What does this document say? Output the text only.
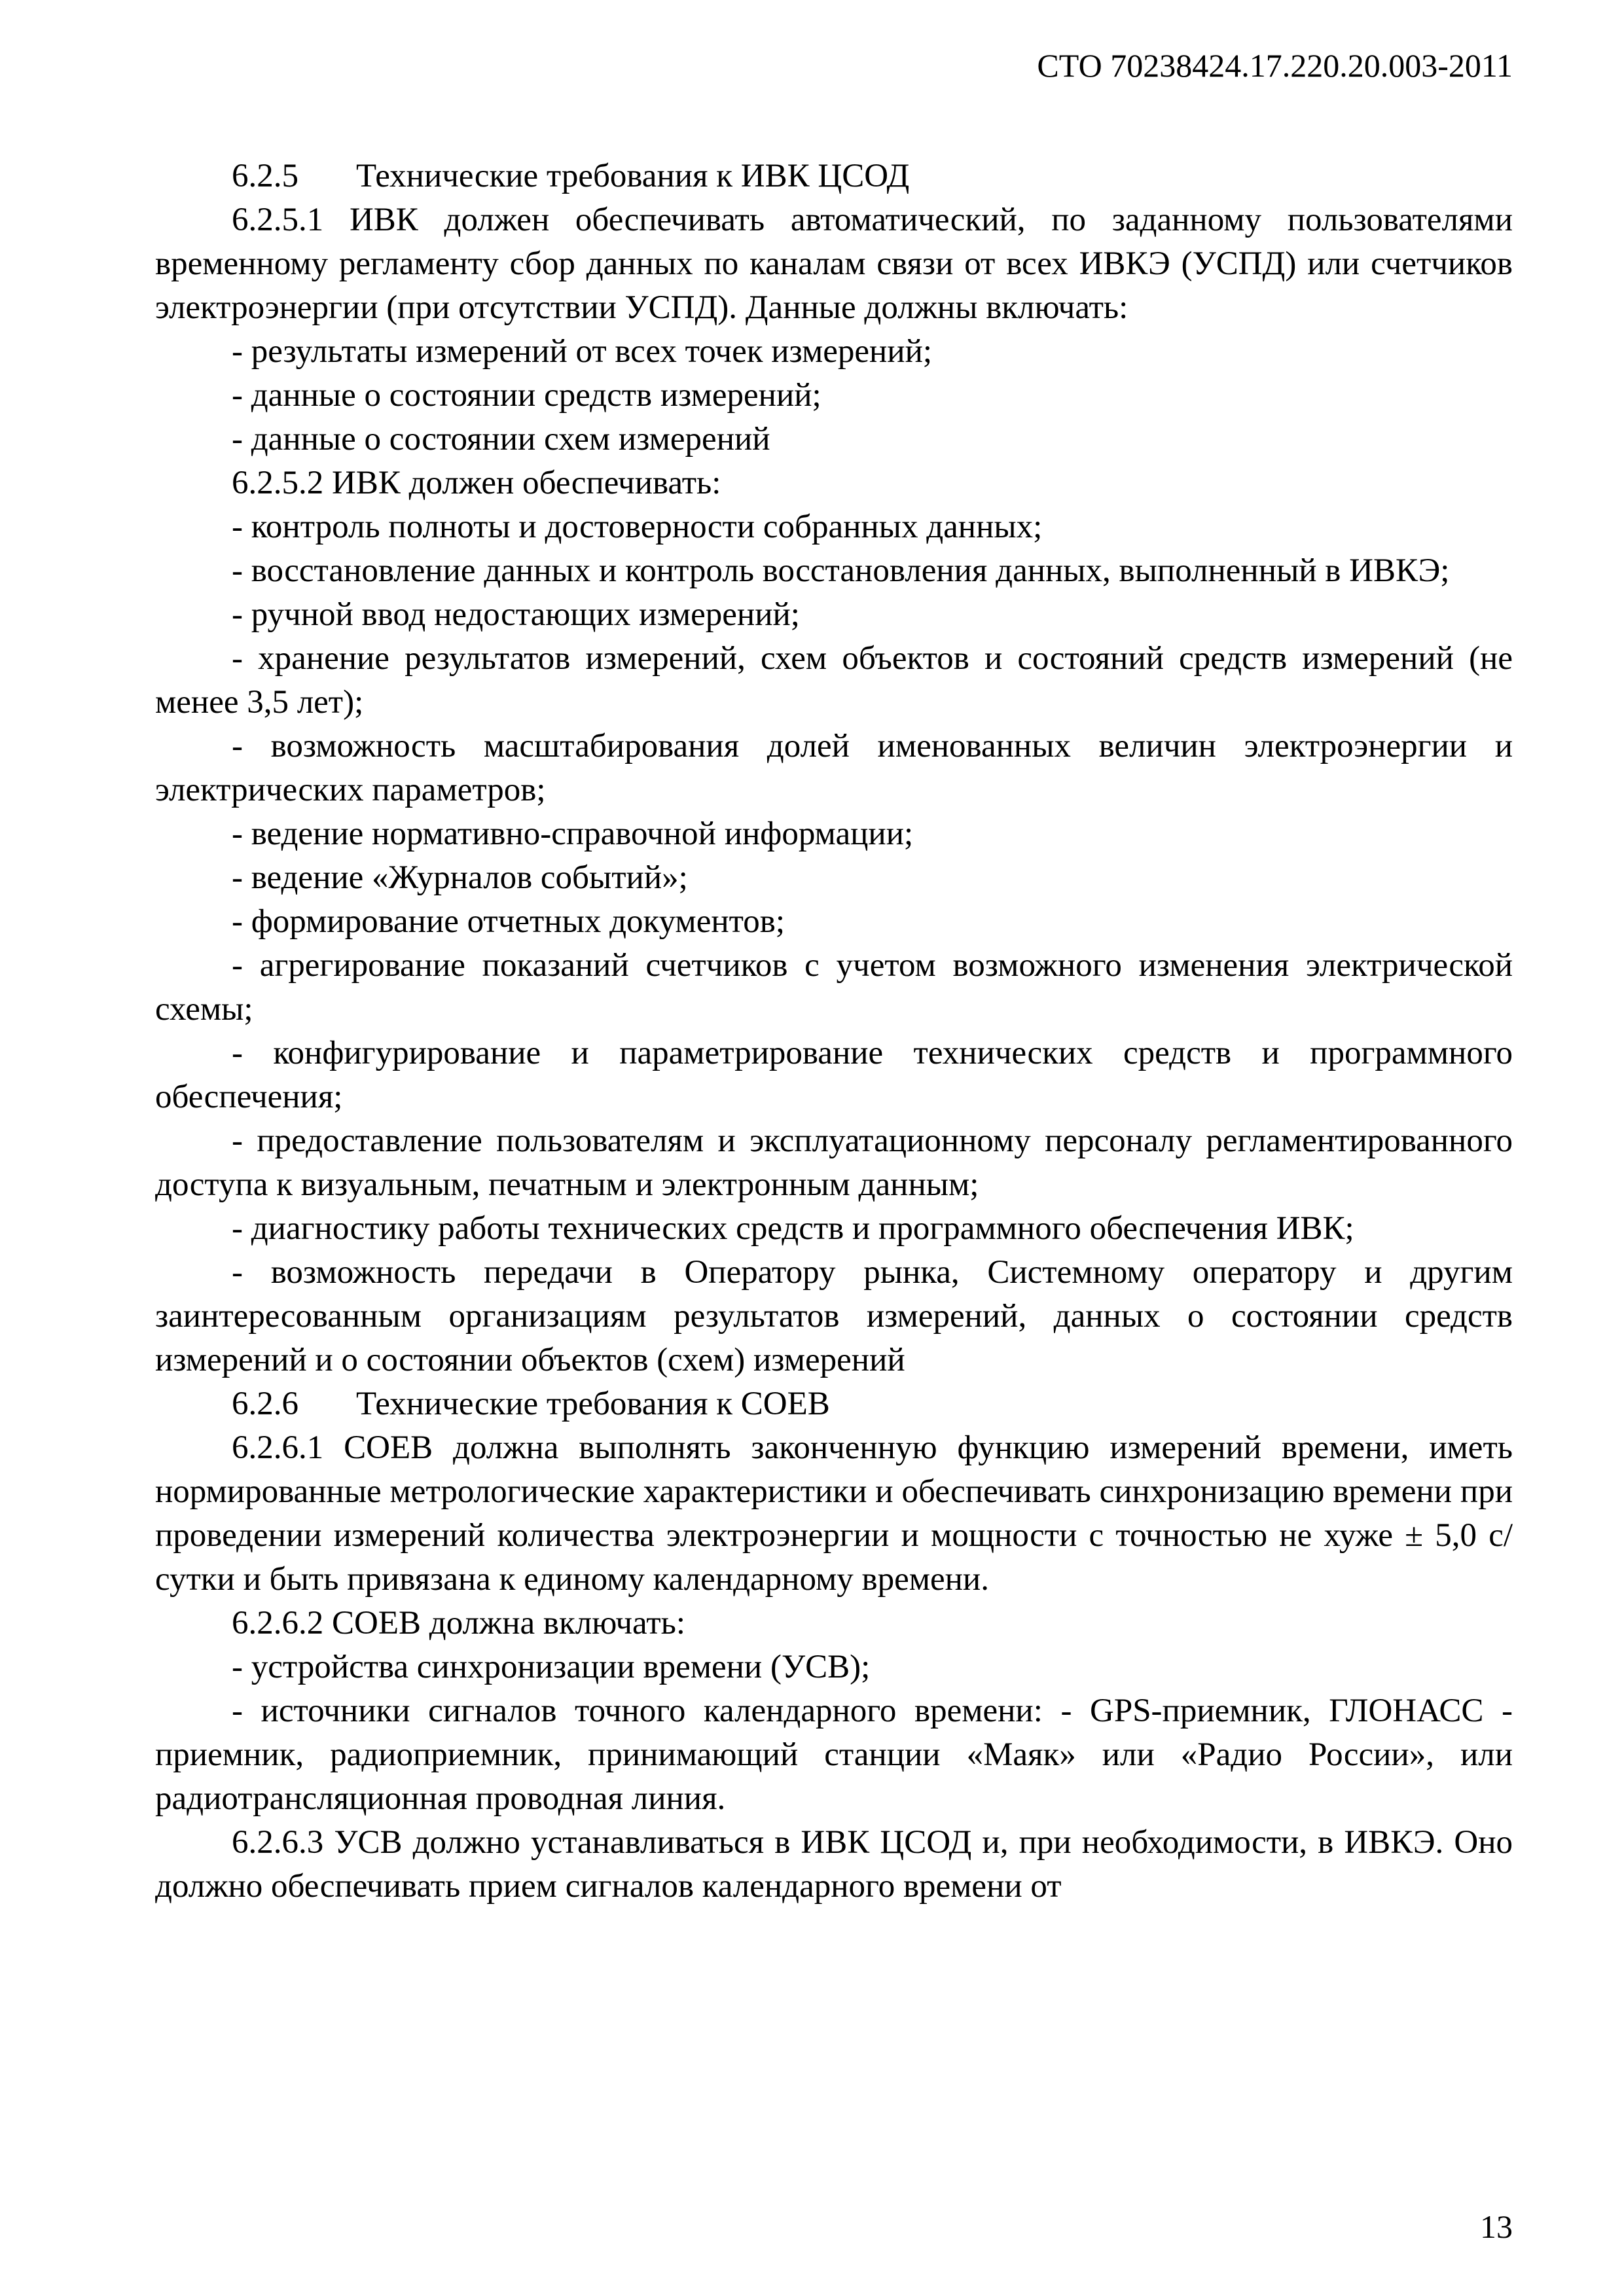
СТО 70238424.17.220.20.003-2011

6.2.5 Технические требования к ИВК ЦСОД

6.2.5.1 ИВК должен обеспечивать автоматический, по заданному пользователями временному регламенту сбор данных по каналам связи от всех ИВКЭ (УСПД) или счетчиков электроэнергии (при отсутствии УСПД). Данные должны включать:

- результаты измерений от всех точек измерений;

- данные о состоянии средств измерений;

- данные о состоянии схем измерений

6.2.5.2 ИВК должен обеспечивать:

- контроль полноты и достоверности собранных данных;

- восстановление данных и контроль восстановления данных, выполненный в ИВКЭ;

- ручной ввод недостающих измерений;

- хранение результатов измерений, схем объектов и состояний средств измерений (не менее 3,5 лет);

- возможность масштабирования долей именованных величин электроэнергии и электрических параметров;

- ведение нормативно-справочной информации;

- ведение «Журналов событий»;

- формирование отчетных документов;

- агрегирование показаний счетчиков с учетом возможного изменения электрической схемы;

- конфигурирование и параметрирование технических средств и программного обеспечения;

- предоставление пользователям и эксплуатационному персоналу регламентированного доступа к визуальным, печатным и электронным данным;

- диагностику работы технических средств и программного обеспечения ИВК;

- возможность передачи в Оператору рынка, Системному оператору и другим заинтересованным организациям результатов измерений, данных о состоянии средств измерений и о состоянии объектов (схем) измерений

6.2.6 Технические требования к СОЕВ

6.2.6.1 СОЕВ должна выполнять законченную функцию измерений времени, иметь нормированные метрологические характеристики и обеспечивать синхронизацию времени при проведении измерений количества электроэнергии и мощности с точностью не хуже ± 5,0 с/сутки и быть привязана к единому календарному времени.

6.2.6.2 СОЕВ должна включать:

- устройства синхронизации времени (УСВ);

- источники сигналов точного календарного времени: - GPS-приемник, ГЛОНАСС - приемник, радиоприемник, принимающий станции «Маяк» или «Радио России», или радиотрансляционная проводная линия.

6.2.6.3 УСВ должно устанавливаться в ИВК ЦСОД и, при необходимости, в ИВКЭ. Оно должно обеспечивать прием сигналов календарного времени от

13
